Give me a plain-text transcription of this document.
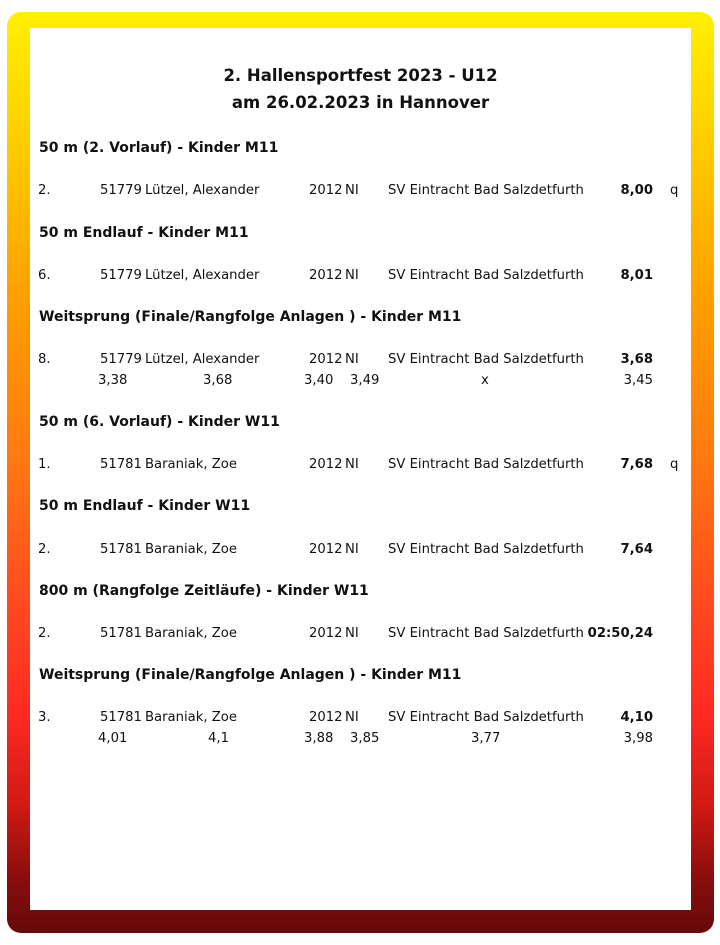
2. Hallensportfest 2023 - U12
am 26.02.2023 in Hannover
50 m (2. Vorlauf) - Kinder M11
2.	51779 Lützel, Alexander	2012 NI SV Eintracht Bad Salzdetfurth	8,00 q
50 m Endlauf - Kinder M11
6.	51779 Lützel, Alexander	2012 NI SV Eintracht Bad Salzdetfurth	8,01
Weitsprung (Finale/Rangfolge Anlagen ) - Kinder M11
8.	51779 Lützel, Alexander	2012 NI SV Eintracht Bad Salzdetfurth	3,68
3,38	3,68	3,40 3,49	x	3,45
50 m (6. Vorlauf) - Kinder W11
1.	51781 Baraniak, Zoe	2012 NI SV Eintracht Bad Salzdetfurth	7,68 q
50 m Endlauf - Kinder W11
2.	51781 Baraniak, Zoe	2012 NI SV Eintracht Bad Salzdetfurth	7,64
800 m (Rangfolge Zeitläufe) - Kinder W11
2.	51781 Baraniak, Zoe	2012 NI SV Eintracht Bad Salzdetfurth 02:50,24
Weitsprung (Finale/Rangfolge Anlagen ) - Kinder M11
3.	51781 Baraniak, Zoe	2012 NI SV Eintracht Bad Salzdetfurth	4,10
4,01	4,1	3,88 3,85	3,77	3,98
